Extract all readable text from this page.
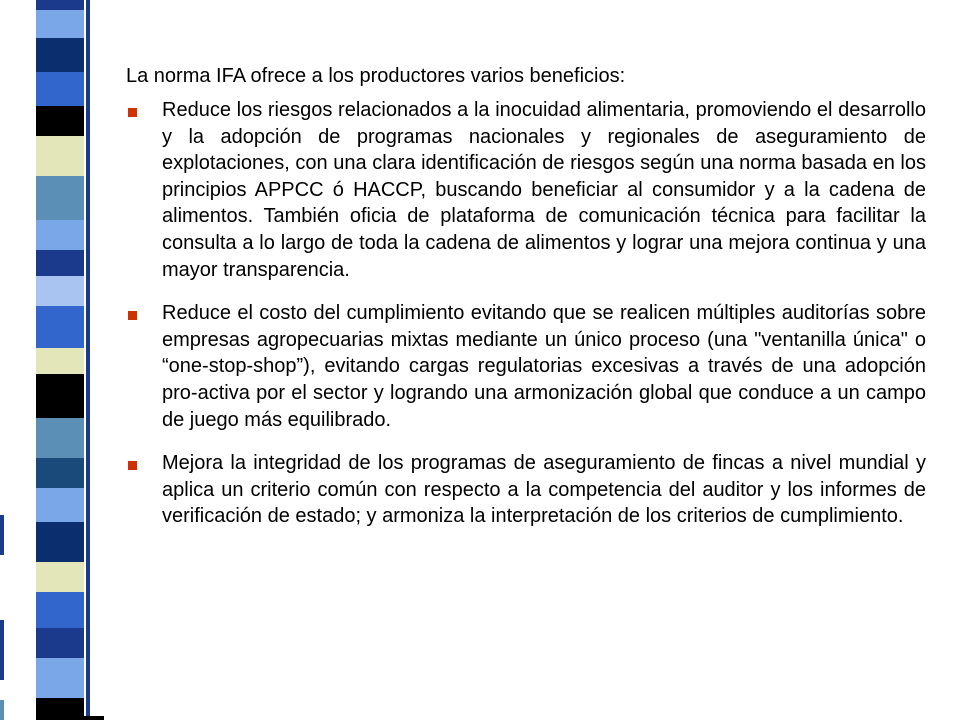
La norma IFA ofrece a los productores varios beneficios:

Reduce los riesgos relacionados a la inocuidad alimentaria, promoviendo el desarrollo y la adopción de programas nacionales y regionales de aseguramiento de explotaciones, con una clara identificación de riesgos según una norma basada en los principios APPCC ó HACCP, buscando beneficiar al consumidor y a la cadena de alimentos. También oficia de plataforma de comunicación técnica para facilitar la consulta a lo largo de toda la cadena de alimentos y lograr una mejora continua y una mayor transparencia.
Reduce el costo del cumplimiento evitando que se realicen múltiples auditorías sobre empresas agropecuarias mixtas mediante un único proceso (una "ventanilla única" o “one-stop-shop”), evitando cargas regulatorias excesivas a través de una adopción pro-activa por el sector y logrando una armonización global que conduce a un campo de juego más equilibrado.
Mejora la integridad de los programas de aseguramiento de fincas a nivel mundial y aplica un criterio común con respecto a la competencia del auditor y los informes de verificación de estado; y armoniza la interpretación de los criterios de cumplimiento.
